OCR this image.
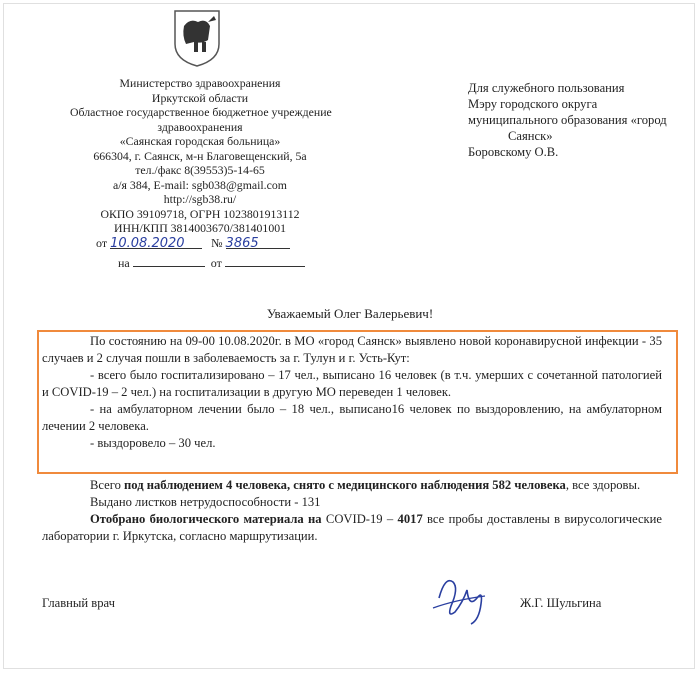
Министерство здравоохранения
Иркутской области
Областное государственное бюджетное учреждение
здравоохранения
«Саянская городская больница»
666304, г. Саянск, м-н Благовещенский, 5а
тел./факс 8(39553)5-14-65
а/я 384, E-mail: sgb038@gmail.com
http://sgb38.ru/
ОКПО 39109718, ОГРН 1023801913112
ИНН/КПП 3814003670/381401001
от 10.08.2020 № 3865
на	от
Для служебного пользования
Мэру городского округа
муниципального образования «город
Саянск»
Боровскому О.В.
Уважаемый Олег Валерьевич!

По состоянию на 09-00 10.08.2020г. в МО «город Саянск» выявлено новой коронавирусной инфекции - 35 случаев и 2 случая пошли в заболеваемость за г. Тулун и г. Усть-Кут:

- всего было госпитализировано – 17 чел., выписано 16 человек (в т.ч. умерших с сочетанной патологией и COVID-19 – 2 чел.) на госпитализации в другую МО переведен 1 человек.

- на амбулаторном лечении было – 18 чел., выписано16 человек по выздоровлению, на амбулаторном лечении 2 человека.

- выздоровело – 30 чел.

Всего под наблюдением 4 человека, снято с медицинского наблюдения 582 человека, все здоровы.

Выдано листков нетрудоспособности - 131

Отобрано биологического материала на COVID-19 – 4017 все пробы доставлены в вирусологические лаборатории г. Иркутска, согласно маршрутизации.

Главный врач	Ж.Г. Шульгина
